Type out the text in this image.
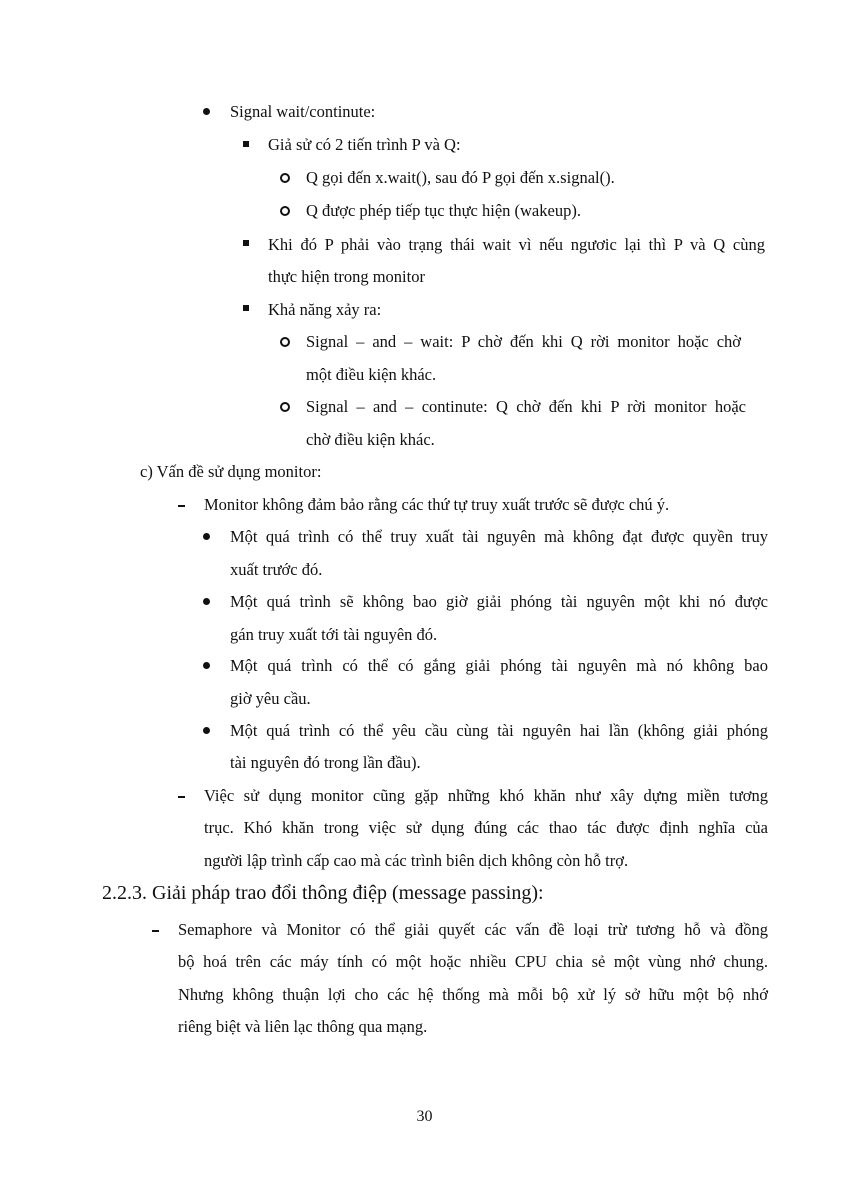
Signal wait/continute:
Giả sử có 2 tiến trình P và Q:
Q gọi đến x.wait(), sau đó P gọi đến x.signal().
Q được phép tiếp tục thực hiện (wakeup).
Khi đó P phải vào trạng thái wait vì nếu ngươic lại thì P và Q cùng
thực hiện trong monitor
Khả năng xảy ra:
Signal – and – wait: P chờ đến khi Q rời monitor hoặc chờ
một điều kiện khác.
Signal – and – continute: Q chờ đến khi P rời monitor hoặc
chờ điều kiện khác.
c) Vấn đề sử dụng monitor:
Monitor không đảm bảo rằng các thứ tự truy xuất trước sẽ được chú ý.
Một quá trình có thể truy xuất tài nguyên mà không đạt được quyền truy
xuất trước đó.
Một quá trình sẽ không bao giờ giải phóng tài nguyên một khi nó được
gán truy xuất tới tài nguyên đó.
Một quá trình có thể có gắng giải phóng tài nguyên mà nó không bao
giờ yêu cầu.
Một quá trình có thể yêu cầu cùng tài nguyên hai lần (không giải phóng
tài nguyên đó trong lần đầu).
Việc sử dụng monitor cũng gặp những khó khăn như xây dựng miền tương
trục. Khó khăn trong việc sử dụng đúng các thao tác được định nghĩa của
người lập trình cấp cao mà các trình biên dịch không còn hỗ trợ.
2.2.3. Giải pháp trao đổi thông điệp (message passing):
Semaphore và Monitor có thể giải quyết các vấn đề loại trừ tương hỗ và đồng
bộ hoá trên các máy tính có một hoặc nhiều CPU chia sẻ một vùng nhớ chung.
Nhưng không thuận lợi cho các hệ thống mà mỗi bộ xử lý sở hữu một bộ nhớ
riêng biệt và liên lạc thông qua mạng.
30
